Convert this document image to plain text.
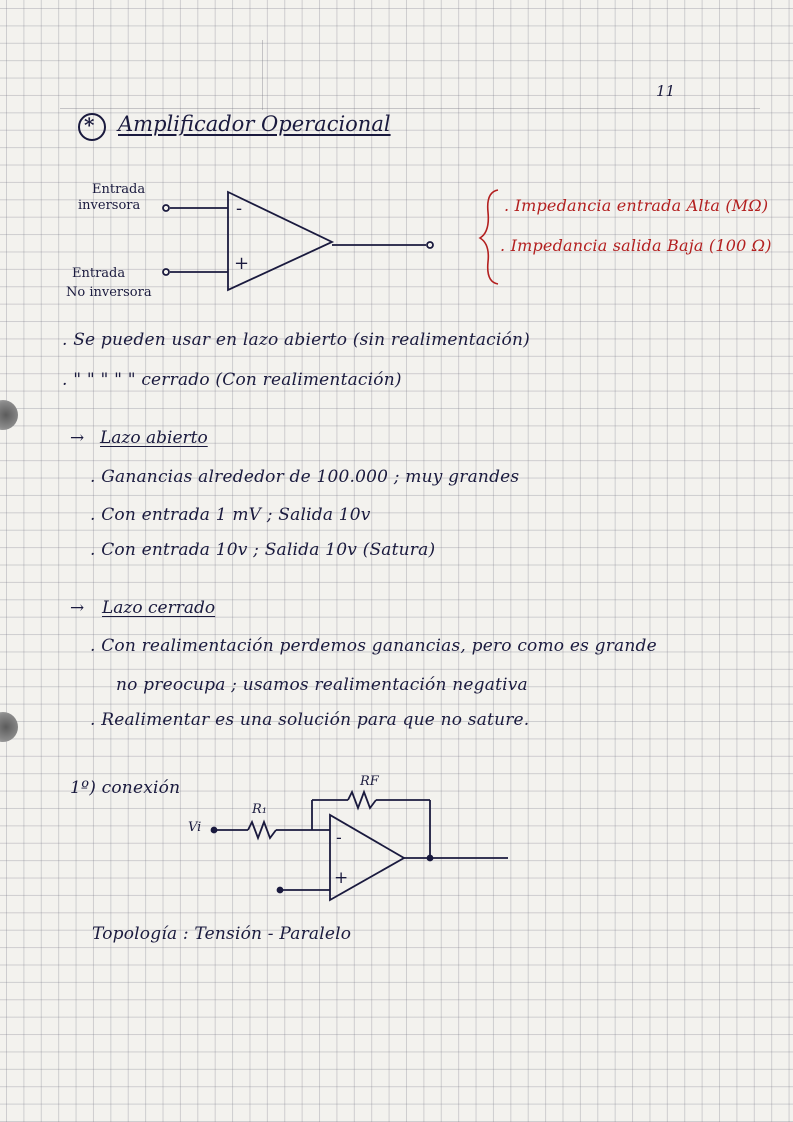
11
* Amplificador Operacional
Entrada
inversora
Entrada
No inversora
-
+
. Impedancia entrada Alta (MΩ)
. Impedancia salida Baja (100 Ω)
. Se pueden usar en lazo abierto (sin realimentación)
. " " " " " cerrado (Con realimentación)
→ Lazo abierto
. Ganancias alrededor de 100.000 ; muy grandes
. Con entrada 1 mV ; Salida 10v
. Con entrada 10v ; Salida 10v (Satura)
→ Lazo cerrado
. Con realimentación perdemos ganancias, pero como es grande
no preocupa ; usamos realimentación negativa
. Realimentar es una solución para que no sature.
1º) conexión	RF
R₁
Vi
-
+
Topología : Tensión - Paralelo
